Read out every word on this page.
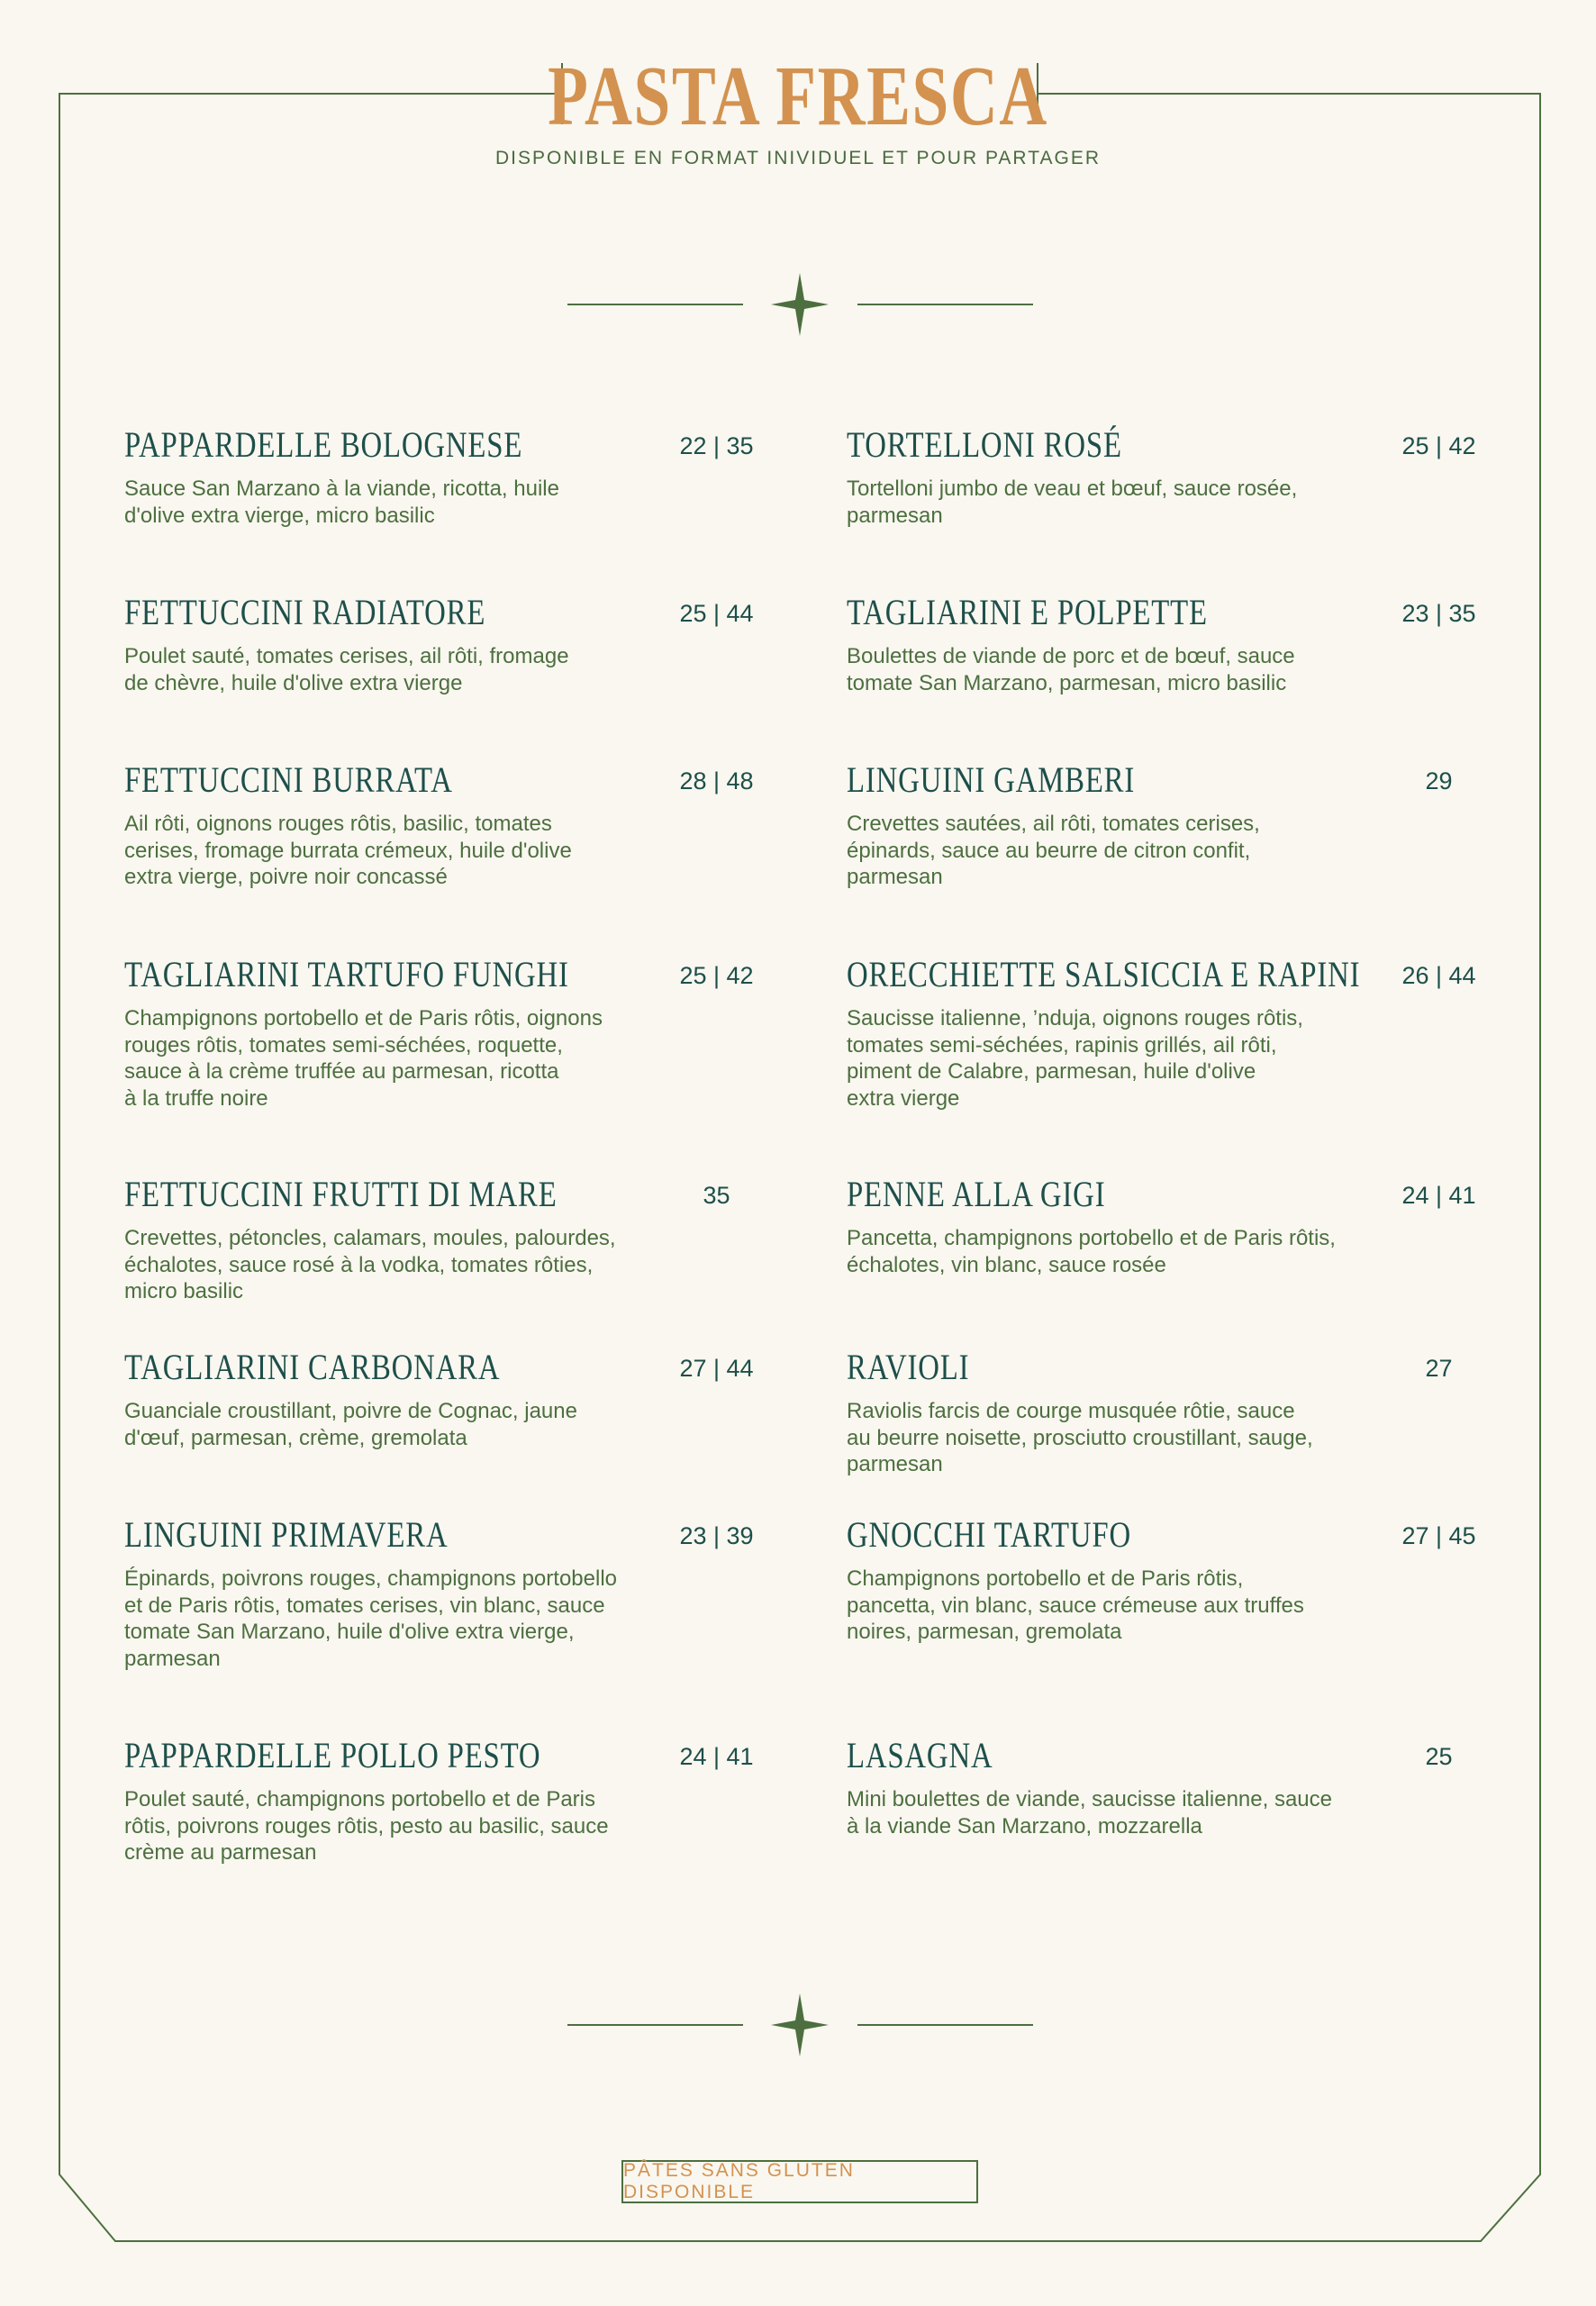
PASTA FRESCA
DISPONIBLE EN FORMAT INIVIDUEL ET POUR PARTAGER
PAPPARDELLE BOLOGNESE	22 | 35
Sauce San Marzano à la viande, ricotta, huile
d'olive extra vierge, micro basilic
FETTUCCINI RADIATORE	25 | 44
Poulet sauté, tomates cerises, ail rôti, fromage
de chèvre, huile d'olive extra vierge
FETTUCCINI BURRATA	28 | 48
Ail rôti, oignons rouges rôtis, basilic, tomates
cerises, fromage burrata crémeux, huile d'olive
extra vierge, poivre noir concassé
TAGLIARINI TARTUFO FUNGHI	25 | 42
Champignons portobello et de Paris rôtis, oignons
rouges rôtis, tomates semi-séchées, roquette,
sauce à la crème truffée au parmesan, ricotta
à la truffe noire
FETTUCCINI FRUTTI DI MARE	35
Crevettes, pétoncles, calamars, moules, palourdes,
échalotes, sauce rosé à la vodka, tomates rôties,
micro basilic
TAGLIARINI CARBONARA	27 | 44
Guanciale croustillant, poivre de Cognac, jaune
d'œuf, parmesan, crème, gremolata
LINGUINI PRIMAVERA	23 | 39
Épinards, poivrons rouges, champignons portobello
et de Paris rôtis, tomates cerises, vin blanc, sauce
tomate San Marzano, huile d'olive extra vierge,
parmesan
PAPPARDELLE POLLO PESTO	24 | 41
Poulet sauté, champignons portobello et de Paris
rôtis, poivrons rouges rôtis, pesto au basilic, sauce
crème au parmesan
TORTELLONI ROSÉ	25 | 42
Tortelloni jumbo de veau et bœuf, sauce rosée,
parmesan
TAGLIARINI E POLPETTE	23 | 35
Boulettes de viande de porc et de bœuf, sauce
tomate San Marzano, parmesan, micro basilic
LINGUINI GAMBERI	29
Crevettes sautées, ail rôti, tomates cerises,
épinards, sauce au beurre de citron confit,
parmesan
ORECCHIETTE SALSICCIA E RAPINI	26 | 44
Saucisse italienne, ’nduja, oignons rouges rôtis,
tomates semi-séchées, rapinis grillés, ail rôti,
piment de Calabre, parmesan, huile d'olive
extra vierge
PENNE ALLA GIGI	24 | 41
Pancetta, champignons portobello et de Paris rôtis,
échalotes, vin blanc, sauce rosée
RAVIOLI	27
Raviolis farcis de courge musquée rôtie, sauce
au beurre noisette, prosciutto croustillant, sauge,
parmesan
GNOCCHI TARTUFO	27 | 45
Champignons portobello et de Paris rôtis,
pancetta, vin blanc, sauce crémeuse aux truffes
noires, parmesan, gremolata
LASAGNA	25
Mini boulettes de viande, saucisse italienne, sauce
à la viande San Marzano, mozzarella
PÂTES SANS GLUTEN DISPONIBLE
